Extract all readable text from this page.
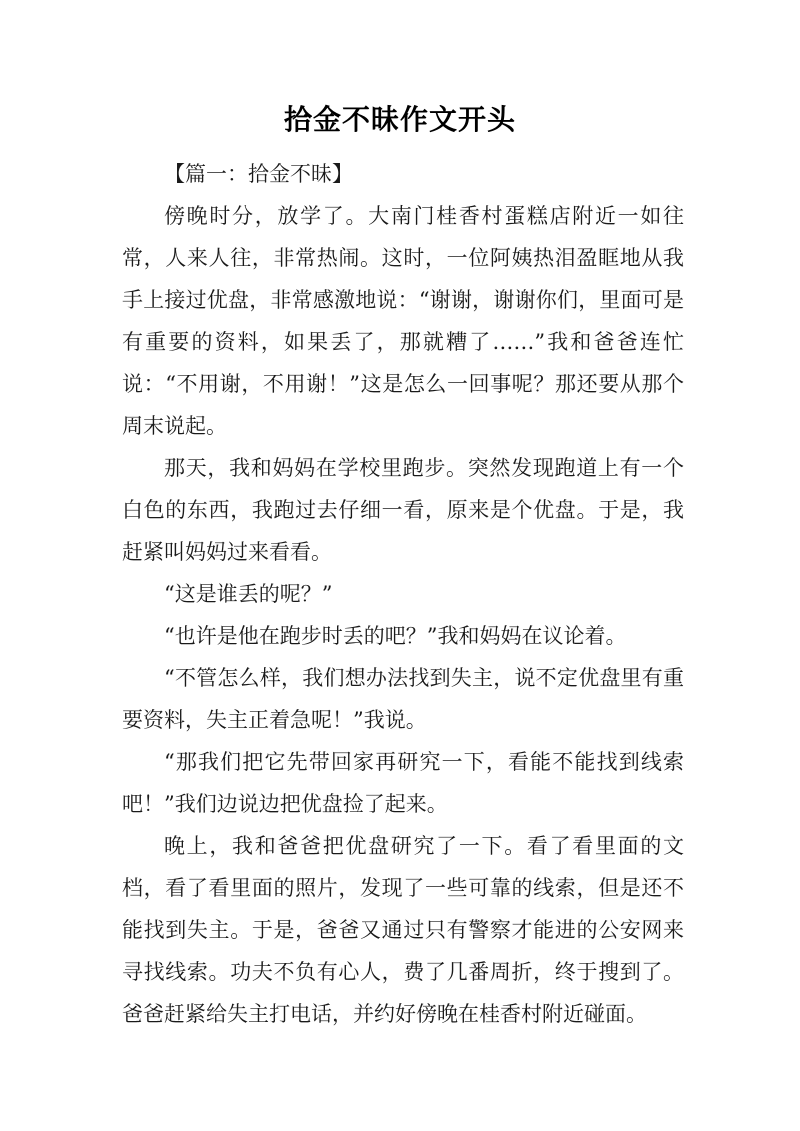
拾金不昧作文开头

【篇一：拾金不昧】

傍晚时分，放学了。大南门桂香村蛋糕店附近一如往常，人来人往，非常热闹。这时，一位阿姨热泪盈眶地从我手上接过优盘，非常感激地说：“谢谢，谢谢你们，里面可是有重要的资料，如果丢了，那就糟了……”我和爸爸连忙说：“不用谢，不用谢！”这是怎么一回事呢？那还要从那个周末说起。

那天，我和妈妈在学校里跑步。突然发现跑道上有一个白色的东西，我跑过去仔细一看，原来是个优盘。于是，我赶紧叫妈妈过来看看。

“这是谁丢的呢？”

“也许是他在跑步时丢的吧？”我和妈妈在议论着。

“不管怎么样，我们想办法找到失主，说不定优盘里有重要资料，失主正着急呢！”我说。

“那我们把它先带回家再研究一下，看能不能找到线索吧！”我们边说边把优盘捡了起来。

晚上，我和爸爸把优盘研究了一下。看了看里面的文档，看了看里面的照片，发现了一些可靠的线索，但是还不能找到失主。于是，爸爸又通过只有警察才能进的公安网来寻找线索。功夫不负有心人，费了几番周折，终于搜到了。爸爸赶紧给失主打电话，并约好傍晚在桂香村附近碰面。
